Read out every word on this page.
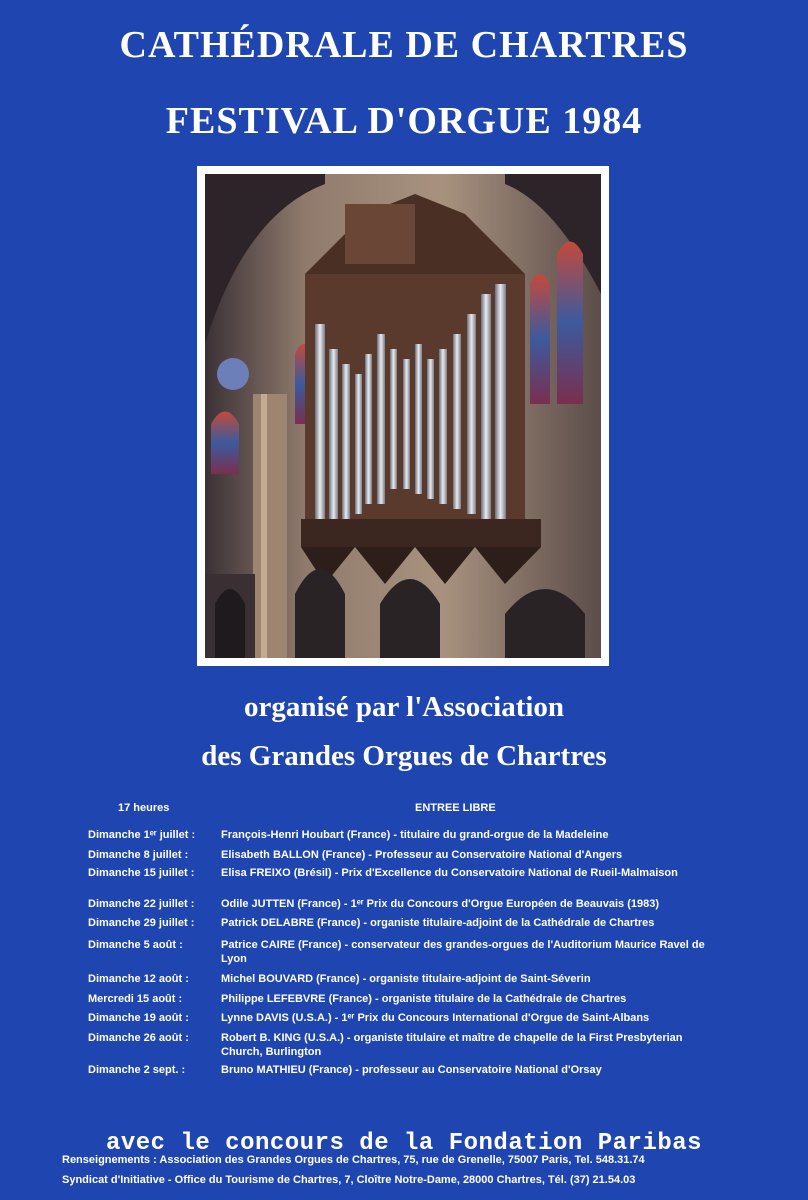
CATHÉDRALE DE CHARTRES
FESTIVAL D'ORGUE 1984
organisé par l'Association
des Grandes Orgues de Chartres
17 heures	ENTREE LIBRE
Dimanche 1ᵉʳ juillet :	François-Henri Houbart (France) - titulaire du grand-orgue de la Madeleine
Dimanche 8 juillet :	Elisabeth BALLON (France) - Professeur au Conservatoire National d'Angers
Dimanche 15 juillet :	Elisa FREIXO (Brésil) - Prix d'Excellence du Conservatoire National de Rueil-Malmaison
Dimanche 22 juillet :	Odile JUTTEN (France) - 1ᵉʳ Prix du Concours d'Orgue Européen de Beauvais (1983)
Dimanche 29 juillet :	Patrick DELABRE (France) - organiste titulaire-adjoint de la Cathédrale de Chartres
Dimanche 5 août :	Patrice CAIRE (France) - conservateur des grandes-orgues de l'Auditorium Maurice Ravel de Lyon
Dimanche 12 août :	Michel BOUVARD (France) - organiste titulaire-adjoint de Saint-Séverin
Mercredi 15 août :	Philippe LEFEBVRE (France) - organiste titulaire de la Cathédrale de Chartres
Dimanche 19 août :	Lynne DAVIS (U.S.A.) - 1ᵉʳ Prix du Concours International d'Orgue de Saint-Albans
Dimanche 26 août :	Robert B. KING (U.S.A.) - organiste titulaire et maître de chapelle de la First Presbyterian Church, Burlington
Dimanche 2 sept. :	Bruno MATHIEU (France) - professeur au Conservatoire National d'Orsay
avec le concours de la Fondation Paribas
Renseignements : Association des Grandes Orgues de Chartres, 75, rue de Grenelle, 75007 Paris, Tel. 548.31.74
Syndicat d'Initiative - Office du Tourisme de Chartres, 7, Cloître Notre-Dame, 28000 Chartres, Tél. (37) 21.54.03
